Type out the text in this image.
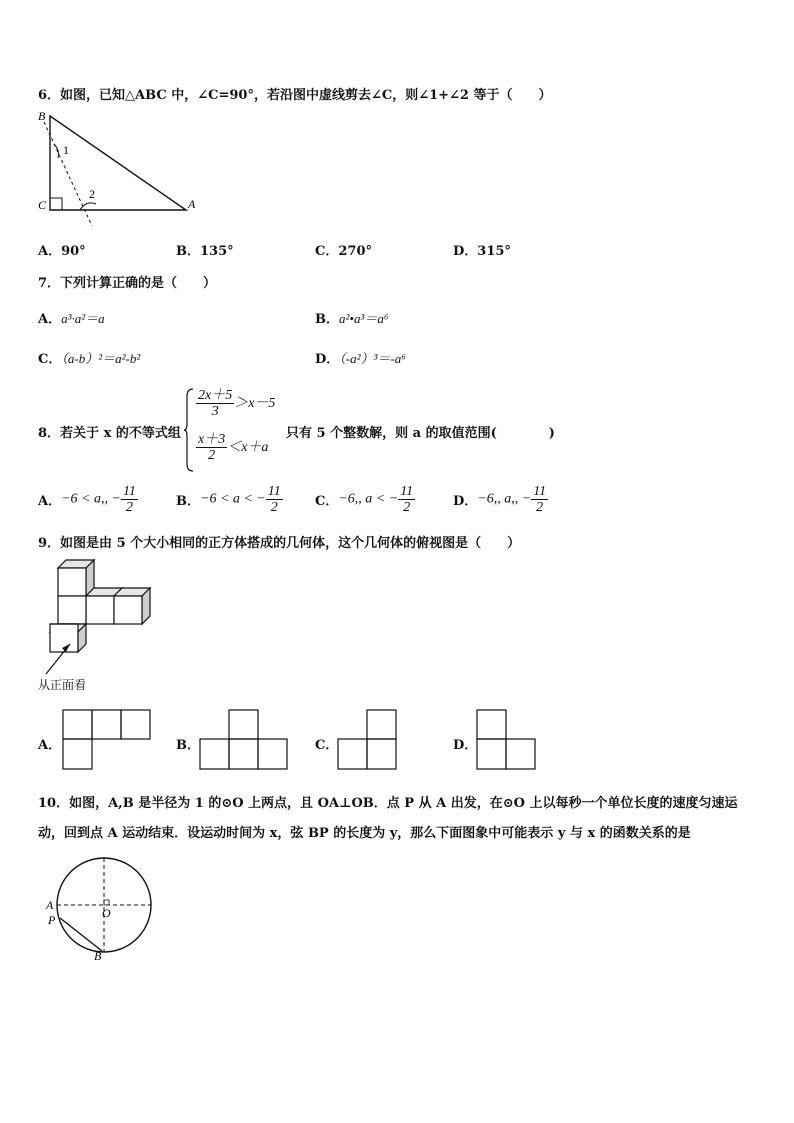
6．如图，已知△ABC 中，∠C=90°，若沿图中虚线剪去∠C，则∠1+∠2 等于（　　）
B
C	A
1
2
A．90°	B．135°	C．270°	D．315°
7．下列计算正确的是（　　）
A．a³·a²＝a	B．a²•a³＝a⁶
C．（a-b）²＝a²-b²	D．（-a²）³＝-a⁶
8．若关于 x 的不等式组
$\frac{2x+5}{3} >x-5$
$\frac{x+3}{2} <x+a$
只有 5 个整数解，则 a 的取值范围(　　　　)
A．−6 < a,, − $\frac{11}{2}$	B．−6 < a < − $\frac{11}{2}$ C．−6,, a < − $\frac{11}{2}$	D．−6,, a,, − $\frac{11}{2}$
9．如图是由 5 个大小相同的正方体搭成的几何体，这个几何体的俯视图是（　　）
从正面看
A．	B．	C．	D．
10．如图，A,B 是半径为 1 的⊙O 上两点，且 OA⊥OB．点 P 从 A 出发，在⊙O 上以每秒一个单位长度的速度匀速运
动，回到点 A 运动结束．设运动时间为 x，弦 BP 的长度为 y，那么下面图象中可能表示 y 与 x 的函数关系的是
A
P	O
B
